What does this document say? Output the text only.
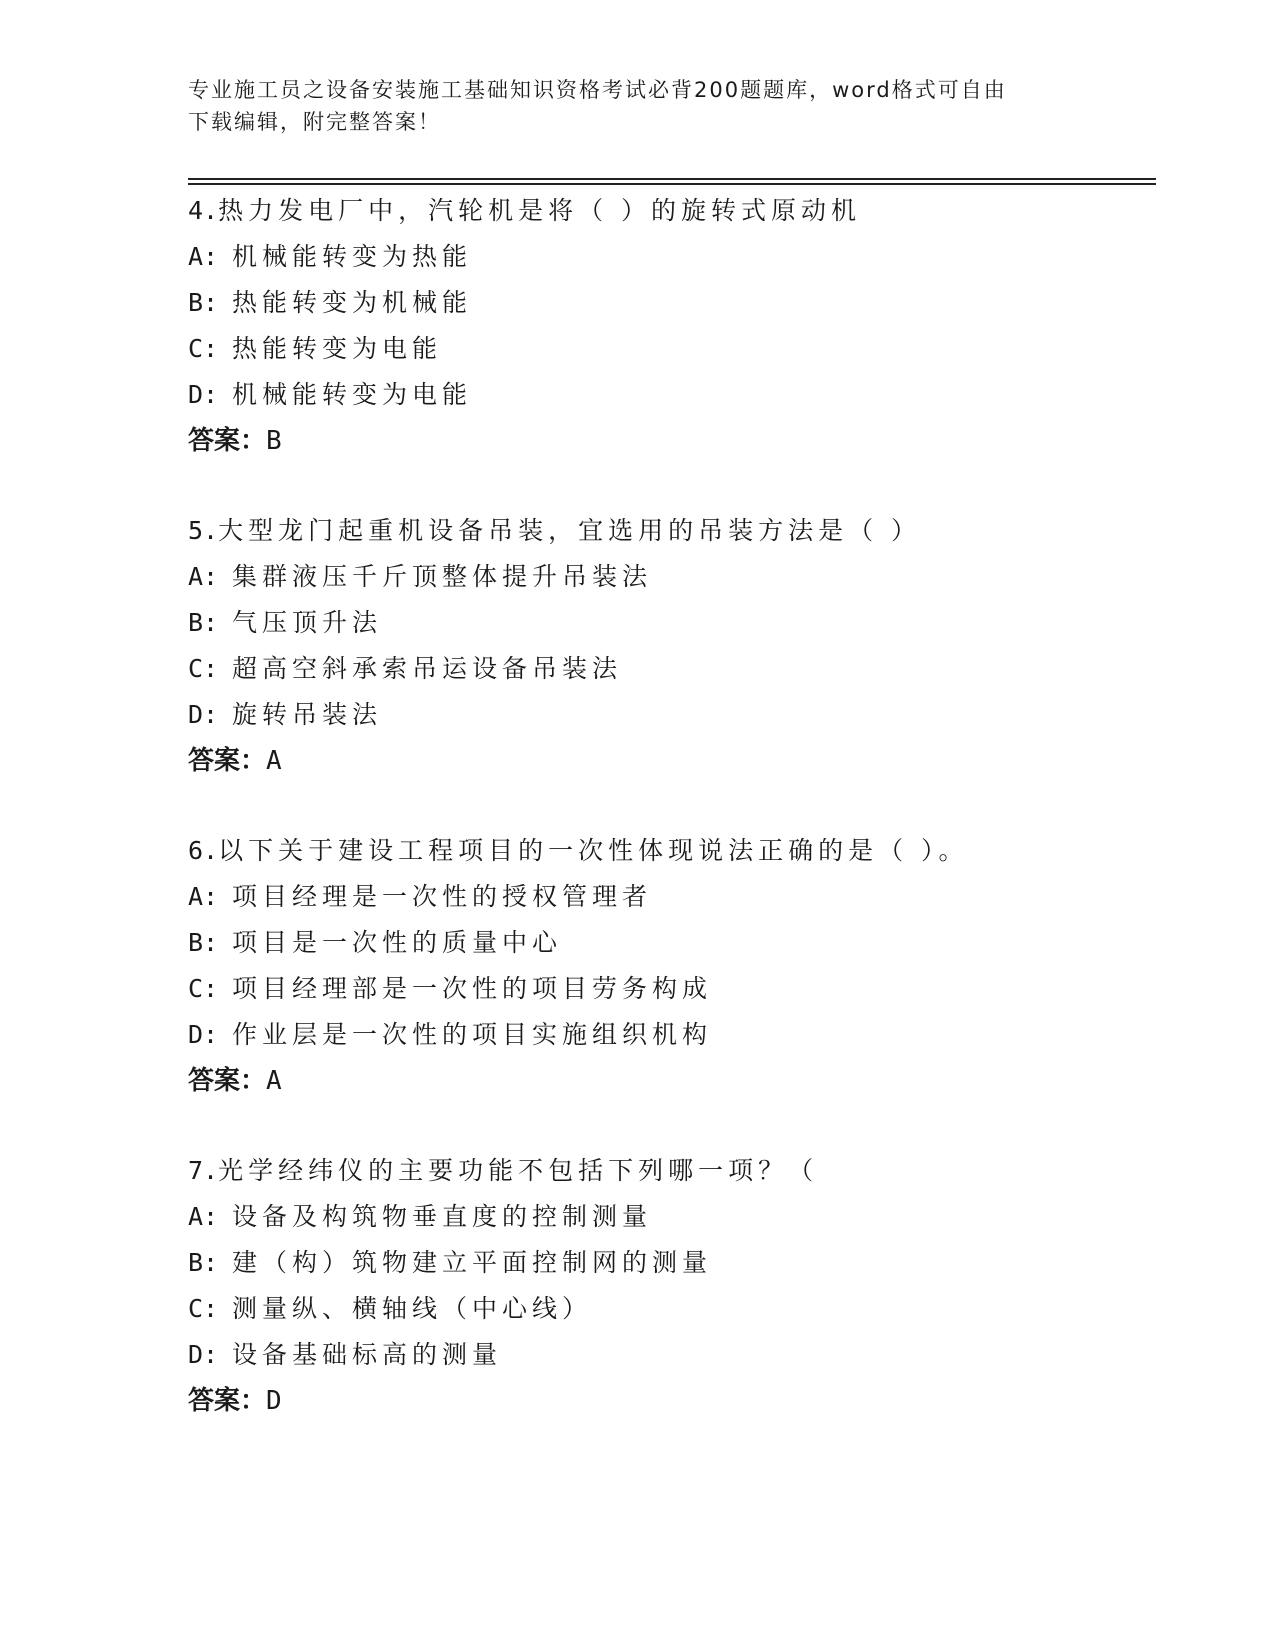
专业施工员之设备安装施工基础知识资格考试必背200题题库，word格式可自由
下载编辑，附完整答案！
4.热力发电厂中，汽轮机是将（ ）的旋转式原动机
A: 机械能转变为热能
B: 热能转变为机械能
C: 热能转变为电能
D: 机械能转变为电能
答案：B
5.大型龙门起重机设备吊装，宜选用的吊装方法是（ ）
A: 集群液压千斤顶整体提升吊装法
B: 气压顶升法
C: 超高空斜承索吊运设备吊装法
D: 旋转吊装法
答案：A
6.以下关于建设工程项目的一次性体现说法正确的是（ ）。
A: 项目经理是一次性的授权管理者
B: 项目是一次性的质量中心
C: 项目经理部是一次性的项目劳务构成
D: 作业层是一次性的项目实施组织机构
答案：A
7.光学经纬仪的主要功能不包括下列哪一项？（
A: 设备及构筑物垂直度的控制测量
B: 建（构）筑物建立平面控制网的测量
C: 测量纵、横轴线（中心线）
D: 设备基础标高的测量
答案：D
